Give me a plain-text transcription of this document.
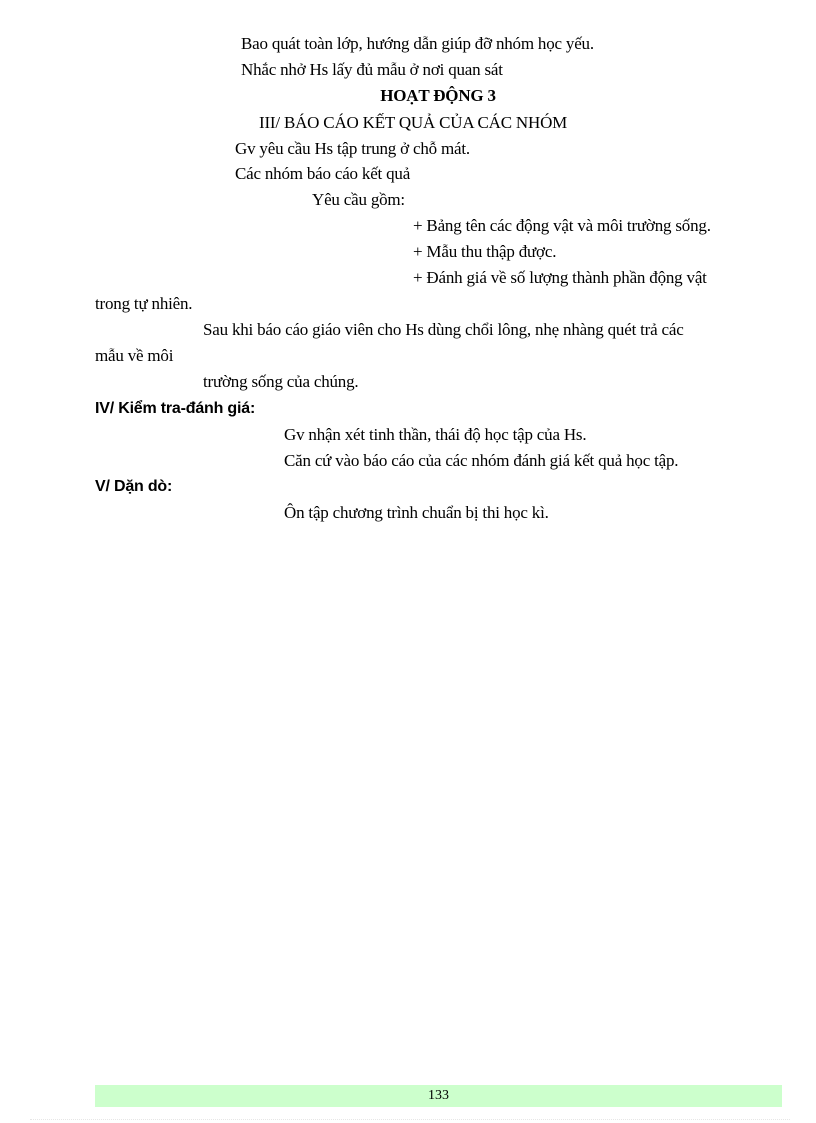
Bao quát toàn lớp, hướng dẫn giúp đỡ nhóm học yếu.
Nhắc nhở Hs lấy đủ mẫu ở nơi quan sát
HOẠT ĐỘNG 3
III/ BÁO CÁO KẾT QUẢ CỦA CÁC NHÓM
Gv yêu cầu Hs tập trung ở chỗ mát.
Các nhóm báo cáo kết quả
Yêu cầu gồm:
+ Bảng tên các động vật và môi trường sống.
+ Mẫu thu thập được.
+ Đánh giá về số lượng thành phần động vật
trong tự nhiên.
Sau khi báo cáo giáo viên cho Hs dùng chổi lông, nhẹ nhàng quét trả các
mẫu về môi
trường sống của chúng.
IV/ Kiểm tra-đánh giá:
Gv nhận xét tinh thần, thái độ học tập của Hs.
Căn cứ vào báo cáo của các nhóm đánh giá kết quả học tập.
V/ Dặn dò:
Ôn tập chương trình chuẩn bị thi học kì.
133
